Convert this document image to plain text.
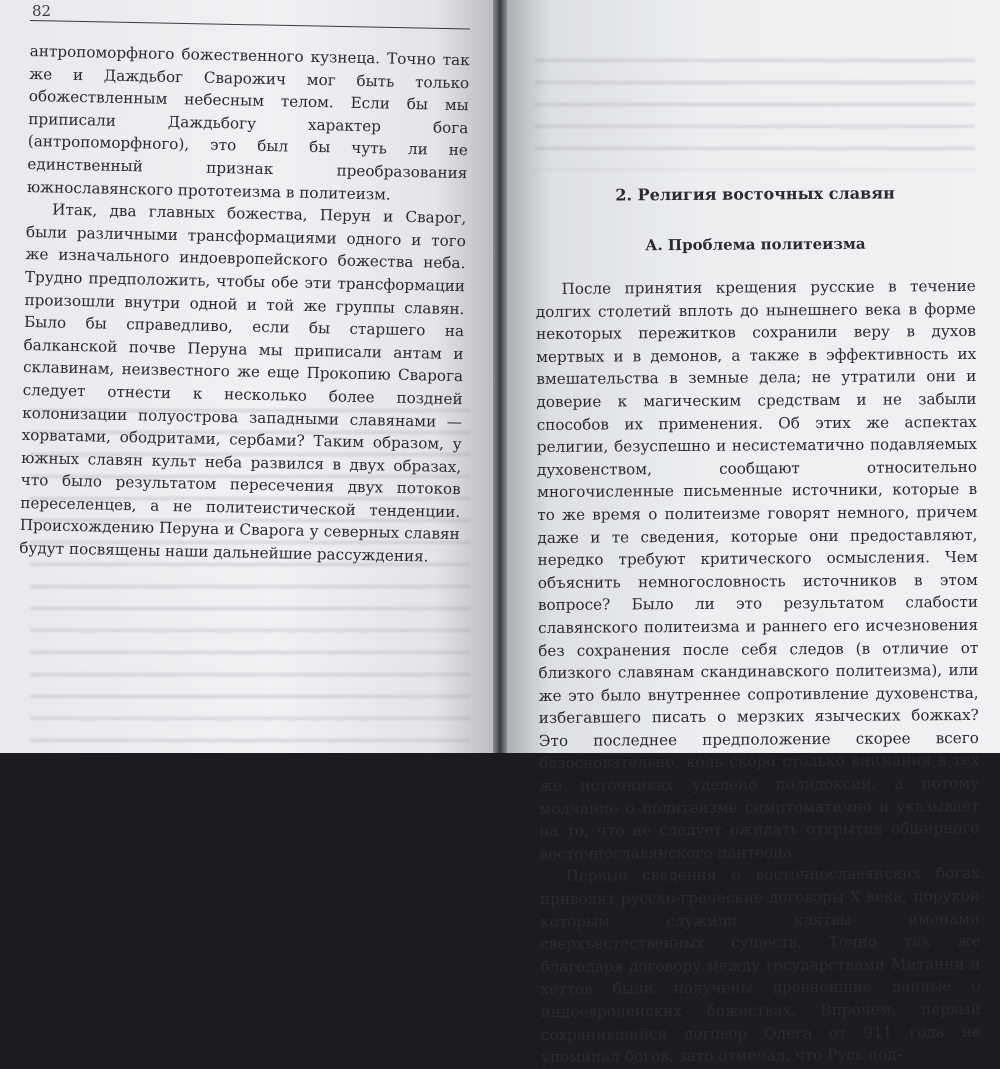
82

антропоморфного божественного кузнеца. Точно так же и Даждьбог Сварожич мог быть только обожествленным небесным телом. Если бы мы приписали Даждьбогу характер бога (антропоморфного), это был бы чуть ли не единственный признак преобразования южнославянского прототеизма в политеизм.

Итак, два главных божества, Перун и Сварог, были различными трансформациями одного и того же изначального индоевропейского божества неба. Трудно предположить, чтобы обе эти трансформации произошли внутри одной и той же группы славян. Было бы справедливо, если бы старшего на балканской почве Перуна мы приписали антам и склавинам, неизвестного же еще Прокопию Сварога следует отнести к несколько более поздней колонизации полуострова западными славянами — хорватами, ободритами, сербами? Таким образом, у южных славян культ неба развился в двух образах, что было результатом пересечения двух потоков переселенцев, а не политеистической тенденции. Происхождению Перуна и Сварога у северных славян будут посвящены наши дальнейшие рассуждения.

2. Религия восточных славян
А. Проблема политеизма

После принятия крещения русские в течение долгих столетий вплоть до нынешнего века в форме некоторых пережитков сохранили веру в духов мертвых и в демонов, а также в эффективность их вмешательства в земные дела; не утратили они и доверие к магическим средствам и не забыли способов их применения. Об этих же аспектах религии, безуспешно и несистематично подавляемых духовенством, сообщают относительно многочисленные письменные источники, которые в то же время о политеизме говорят немного, причем даже и те сведения, которые они предоставляют, нередко требуют критического осмысления. Чем объяснить немногословность источников в этом вопросе? Было ли это результатом слабости славянского политеизма и раннего его исчезновения без сохранения после себя следов (в отличие от близкого славянам скандинавского политеизма), или же это было внутреннее сопротивление духовенства, избегавшего писать о мерзких языческих божках? Это последнее предположение скорее всего безосновательно, коль скоро столько внимания в тех же источниках уделено полидоксии, а потому молчание о политеизме симптоматично и указывает на то, что не следует ожидать открытия обширного восточнославянского пантеона.

Первые сведения о восточнославянских богах приводят русско-греческие договоры X века, порукой которым служили клятвы именами сверхъестественных существ. Точно так же благодаря договору между государствами Митанни и хеттов были получены древнейшие данные о индоевропейских божествах. Впрочем, первый сохранившийся договор Олега от 911 года не упоминал богов, зато отмечал, что Русь под-
